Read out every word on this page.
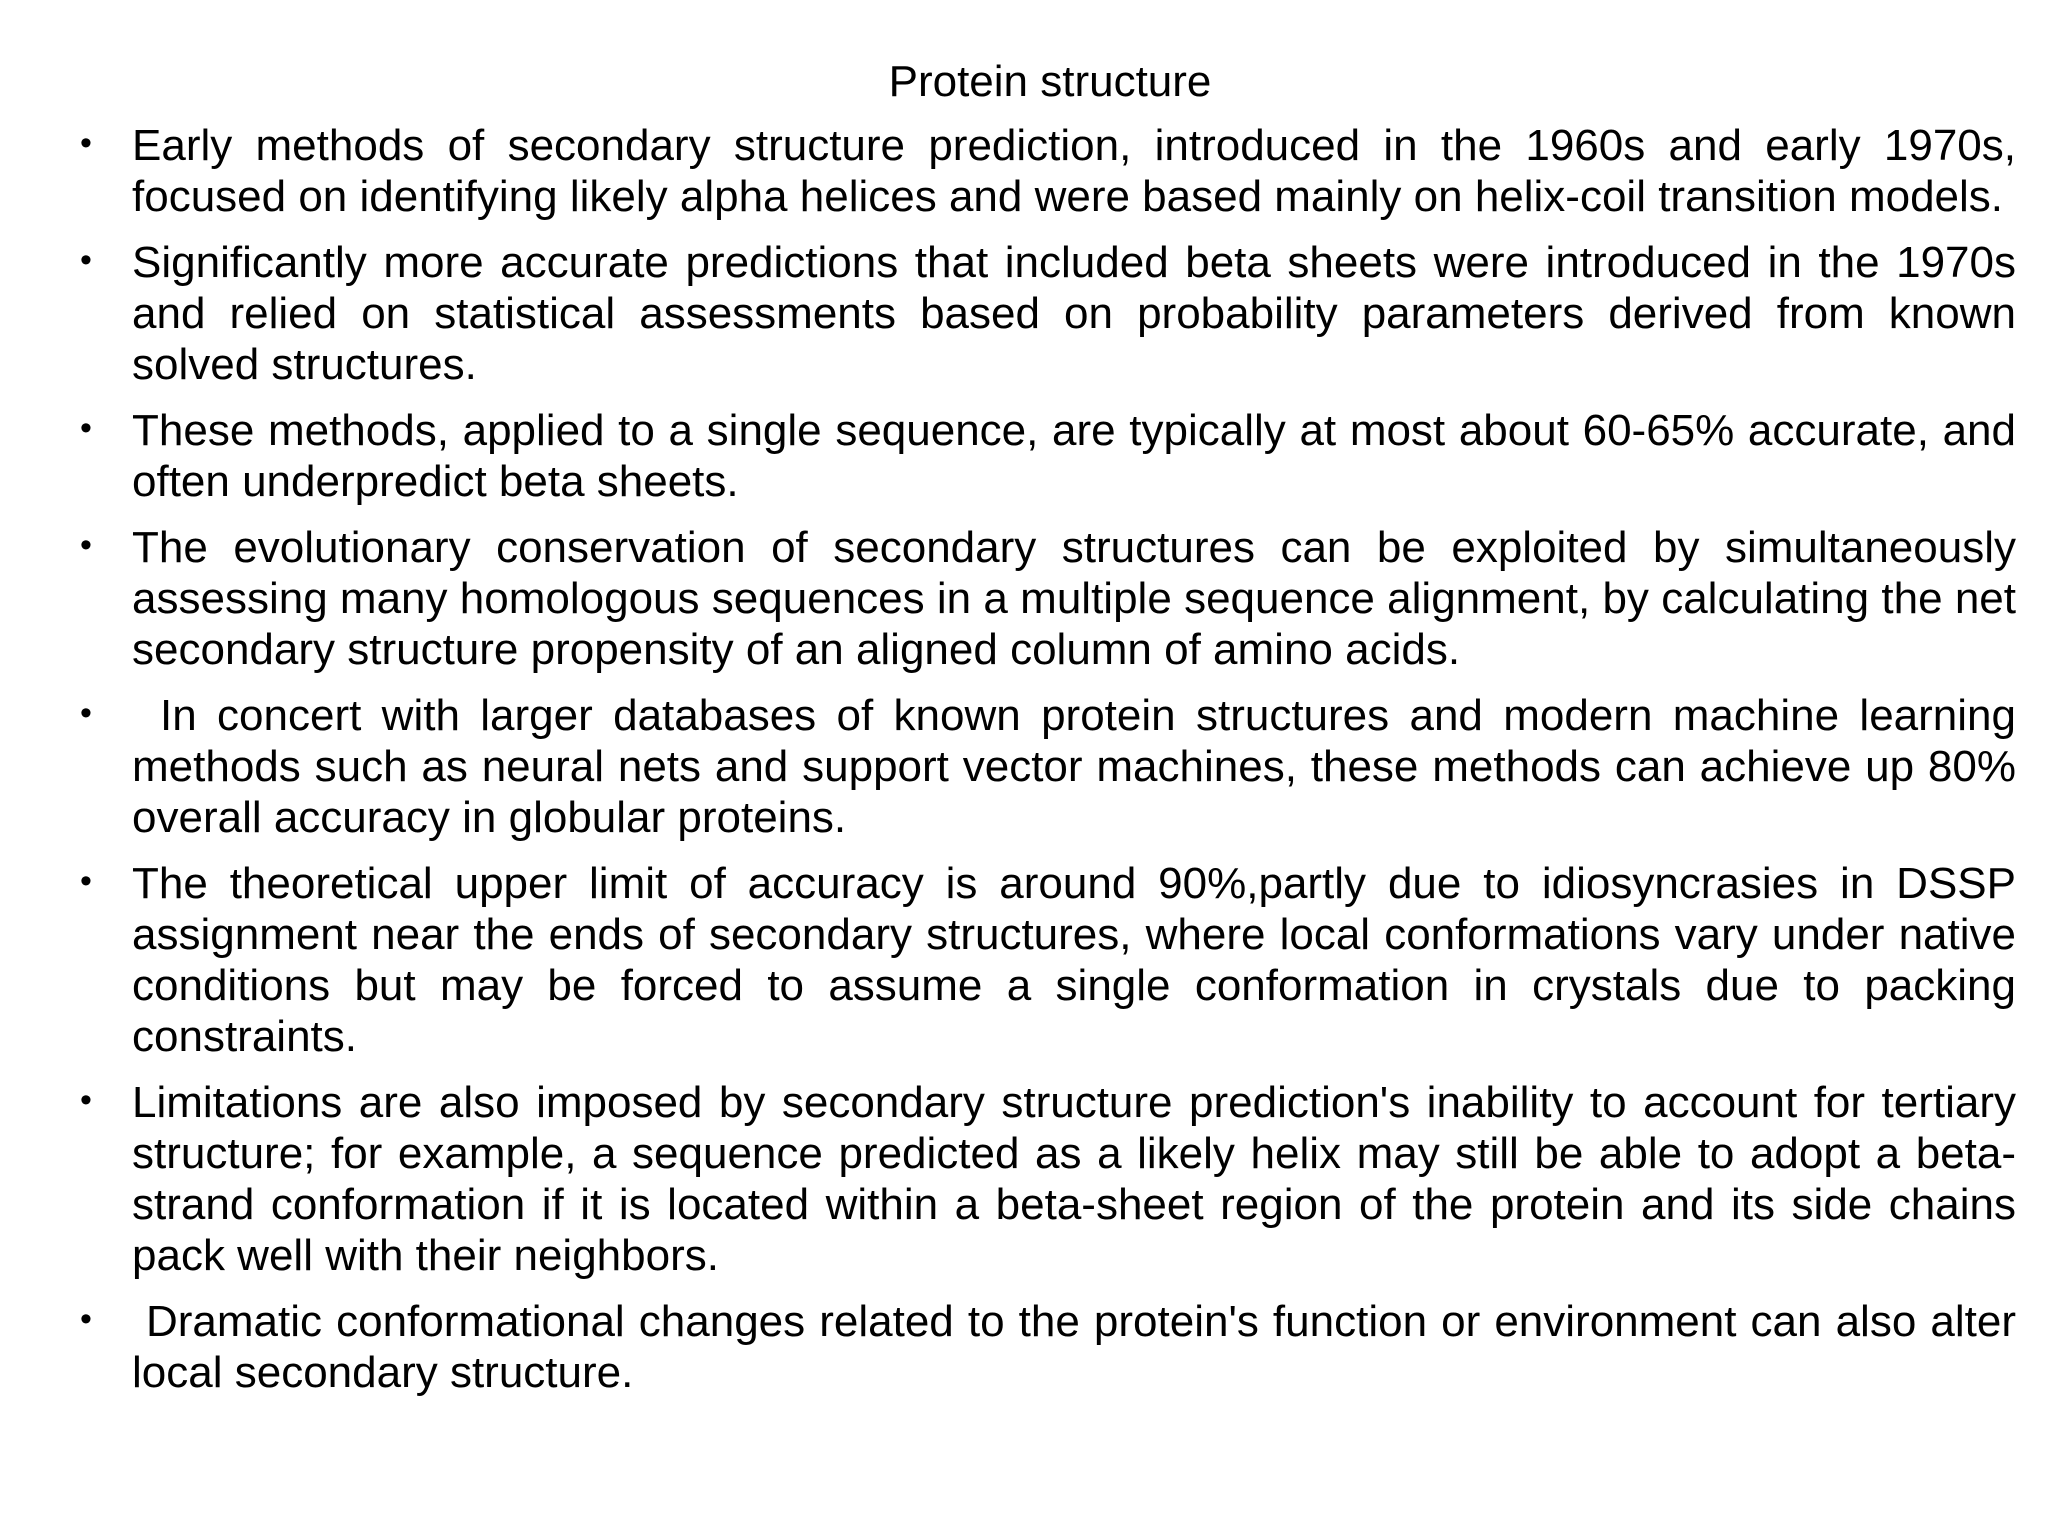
Protein structure
• Early methods of secondary structure prediction, introduced in the 1960s and early 1970s, focused on identifying likely alpha helices and were based mainly on helix-coil transition models.
• Significantly more accurate predictions that included beta sheets were introduced in the 1970s and relied on statistical assessments based on probability parameters derived from known solved structures.
• These methods, applied to a single sequence, are typically at most about 60-65% accurate, and often underpredict beta sheets.
• The evolutionary conservation of secondary structures can be exploited by simultaneously assessing many homologous sequences in a multiple sequence alignment, by calculating the net secondary structure propensity of an aligned column of amino acids.
•	In concert with larger databases of known protein structures and modern machine learning methods such as neural nets and support vector machines, these methods can achieve up 80% overall accuracy in globular proteins.
• The theoretical upper limit of accuracy is around 90%,partly due to idiosyncrasies in DSSP assignment near the ends of secondary structures, where local conformations vary under native conditions but may be forced to assume a single conformation in crystals due to packing constraints.
• Limitations are also imposed by secondary structure prediction's inability to account for tertiary structure; for example, a sequence predicted as a likely helix may still be able to adopt a beta-strand conformation if it is located within a beta-sheet region of the protein and its side chains pack well with their neighbors.
•	Dramatic conformational changes related to the protein's function or environment can also alter local secondary structure.
